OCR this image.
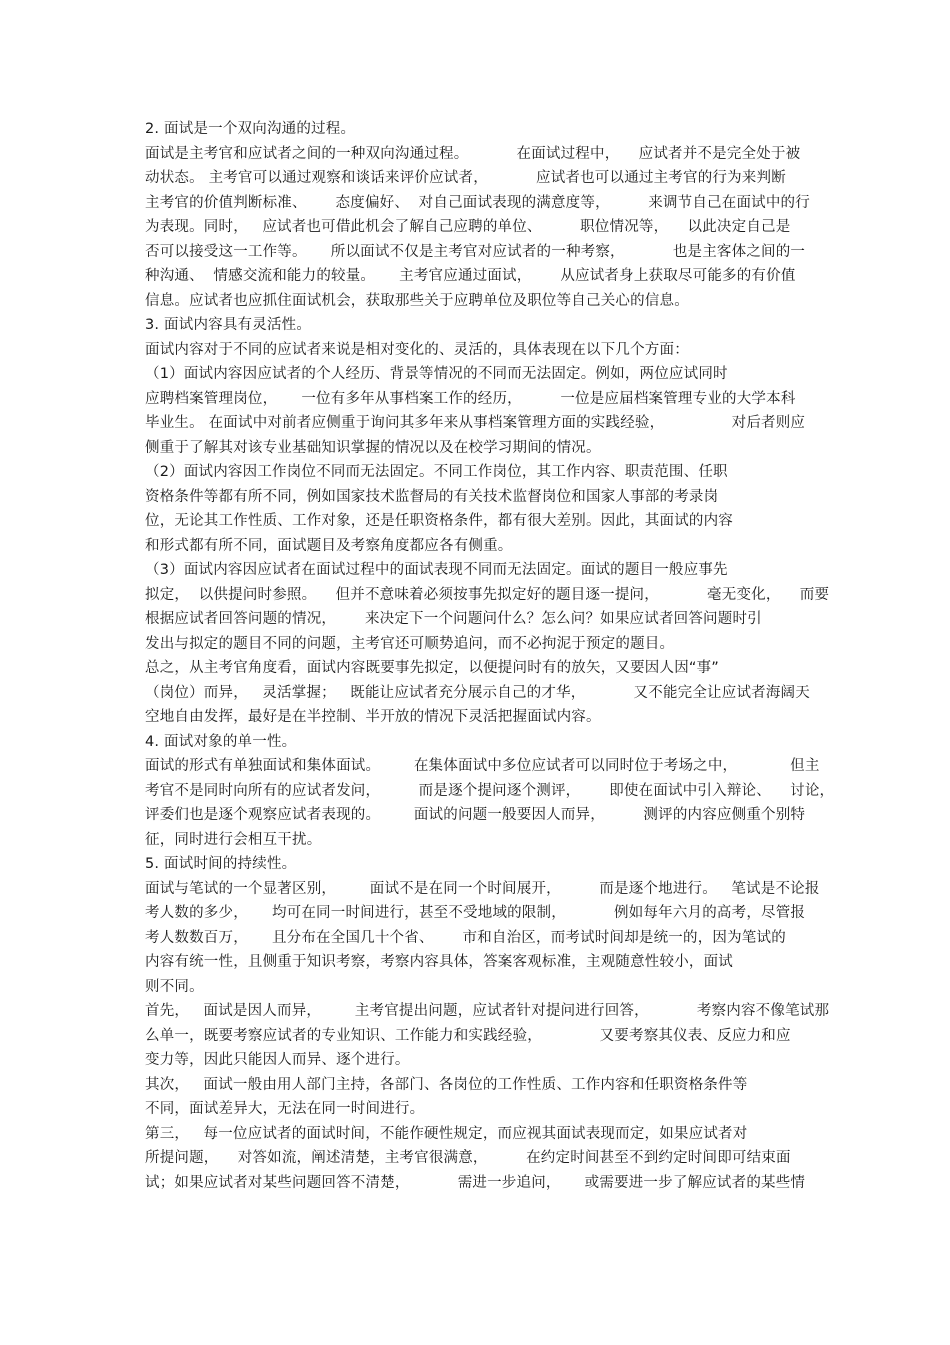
2. 面试是一个双向沟通的过程。
面试是主考官和应试者之间的一种双向沟通过程。          在面试过程中，    应试者并不是完全处于被
动状态。 主考官可以通过观察和谈话来评价应试者，          应试者也可以通过主考官的行为来判断
主考官的价值判断标准、      态度偏好、  对自己面试表现的满意度等，        来调节自己在面试中的行
为表现。同时，   应试者也可借此机会了解自己应聘的单位、        职位情况等，    以此决定自己是
否可以接受这一工作等。     所以面试不仅是主考官对应试者的一种考察，          也是主客体之间的一
种沟通、  情感交流和能力的较量。     主考官应通过面试，      从应试者身上获取尽可能多的有价值
信息。应试者也应抓住面试机会，获取那些关于应聘单位及职位等自己关心的信息。
3. 面试内容具有灵活性。
面试内容对于不同的应试者来说是相对变化的、灵活的，具体表现在以下几个方面：
（1）面试内容因应试者的个人经历、背景等情况的不同而无法固定。例如，两位应试同时
应聘档案管理岗位，     一位有多年从事档案工作的经历，        一位是应届档案管理专业的大学本科
毕业生。 在面试中对前者应侧重于询问其多年来从事档案管理方面的实践经验，              对后者则应
侧重于了解其对该专业基础知识掌握的情况以及在校学习期间的情况。
（2）面试内容因工作岗位不同而无法固定。不同工作岗位，其工作内容、职责范围、任职
资格条件等都有所不同，例如国家技术监督局的有关技术监督岗位和国家人事部的考录岗
位，无论其工作性质、工作对象，还是任职资格条件，都有很大差别。因此，其面试的内容
和形式都有所不同，面试题目及考察角度都应各有侧重。
（3）面试内容因应试者在面试过程中的面试表现不同而无法固定。面试的题目一般应事先
拟定，  以供提问时参照。    但并不意味着必须按事先拟定好的题目逐一提问，          毫无变化，    而要
根据应试者回答问题的情况，      来决定下一个问题问什么？怎么问？如果应试者回答问题时引
发出与拟定的题目不同的问题，主考官还可顺势追问，而不必拘泥于预定的题目。
总之，从主考官角度看，面试内容既要事先拟定，以便提问时有的放矢，又要因人因“事”
（岗位）而异，   灵活掌握；   既能让应试者充分展示自己的才华，          又不能完全让应试者海阔天
空地自由发挥，最好是在半控制、半开放的情况下灵活把握面试内容。
4. 面试对象的单一性。
面试的形式有单独面试和集体面试。       在集体面试中多位应试者可以同时位于考场之中，           但主
考官不是同时向所有的应试者发问，        而是逐个提问逐个测评，      即使在面试中引入辩论、    讨论，
评委们也是逐个观察应试者表现的。       面试的问题一般要因人而异，        测评的内容应侧重个别特
征，同时进行会相互干扰。
5. 面试时间的持续性。
面试与笔试的一个显著区别，       面试不是在同一个时间展开，        而是逐个地进行。   笔试是不论报
考人数的多少，     均可在同一时间进行，甚至不受地域的限制，          例如每年六月的高考，尽管报
考人数数百万，     且分布在全国几十个省、      市和自治区，而考试时间却是统一的，因为笔试的
内容有统一性，且侧重于知识考察，考察内容具体，答案客观标准，主观随意性较小，面试
则不同。
首先，   面试是因人而异，       主考官提出问题，应试者针对提问进行回答，          考察内容不像笔试那
么单一，既要考察应试者的专业知识、工作能力和实践经验，            又要考察其仪表、反应力和应
变力等，因此只能因人而异、逐个进行。
其次，   面试一般由用人部门主持，各部门、各岗位的工作性质、工作内容和任职资格条件等
不同，面试差异大，无法在同一时间进行。
第三，   每一位应试者的面试时间，不能作硬性规定，而应视其面试表现而定，如果应试者对
所提问题，    对答如流，阐述清楚，主考官很满意，        在约定时间甚至不到约定时间即可结束面
试；如果应试者对某些问题回答不清楚，          需进一步追问，     或需要进一步了解应试者的某些情
